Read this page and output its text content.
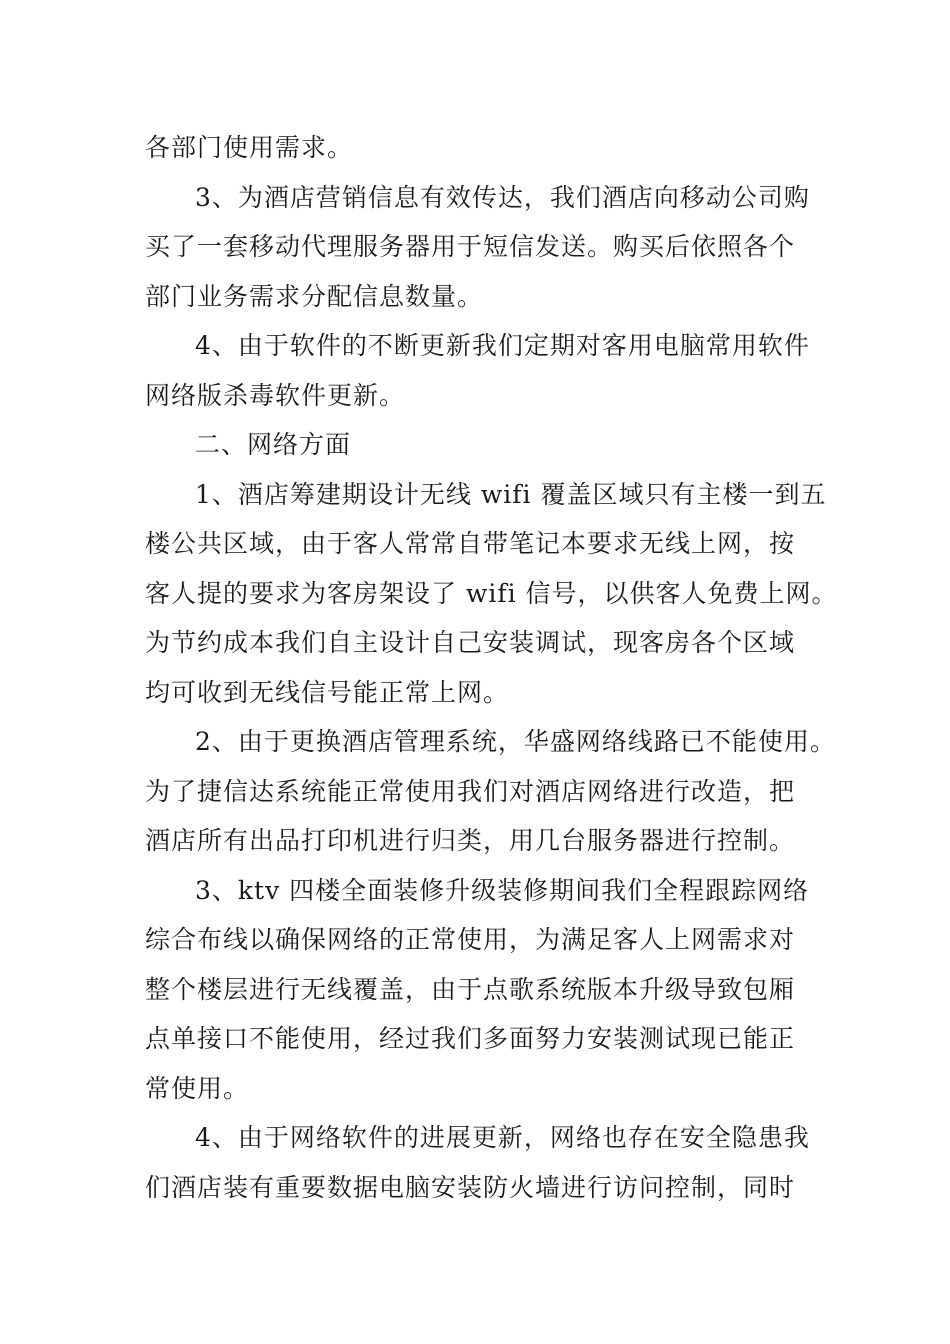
各部门使用需求。
3、为酒店营销信息有效传达，我们酒店向移动公司购
买了一套移动代理服务器用于短信发送。购买后依照各个
部门业务需求分配信息数量。
4、由于软件的不断更新我们定期对客用电脑常用软件
网络版杀毒软件更新。
二、网络方面
1、酒店筹建期设计无线 wifi 覆盖区域只有主楼一到五
楼公共区域，由于客人常常自带笔记本要求无线上网，按
客人提的要求为客房架设了 wifi 信号，以供客人免费上网。
为节约成本我们自主设计自己安装调试，现客房各个区域
均可收到无线信号能正常上网。
2、由于更换酒店管理系统，华盛网络线路已不能使用。
为了捷信达系统能正常使用我们对酒店网络进行改造，把
酒店所有出品打印机进行归类，用几台服务器进行控制。
3、ktv 四楼全面装修升级装修期间我们全程跟踪网络
综合布线以确保网络的正常使用，为满足客人上网需求对
整个楼层进行无线覆盖，由于点歌系统版本升级导致包厢
点单接口不能使用，经过我们多面努力安装测试现已能正
常使用。
4、由于网络软件的进展更新，网络也存在安全隐患我
们酒店装有重要数据电脑安装防火墙进行访问控制，同时
